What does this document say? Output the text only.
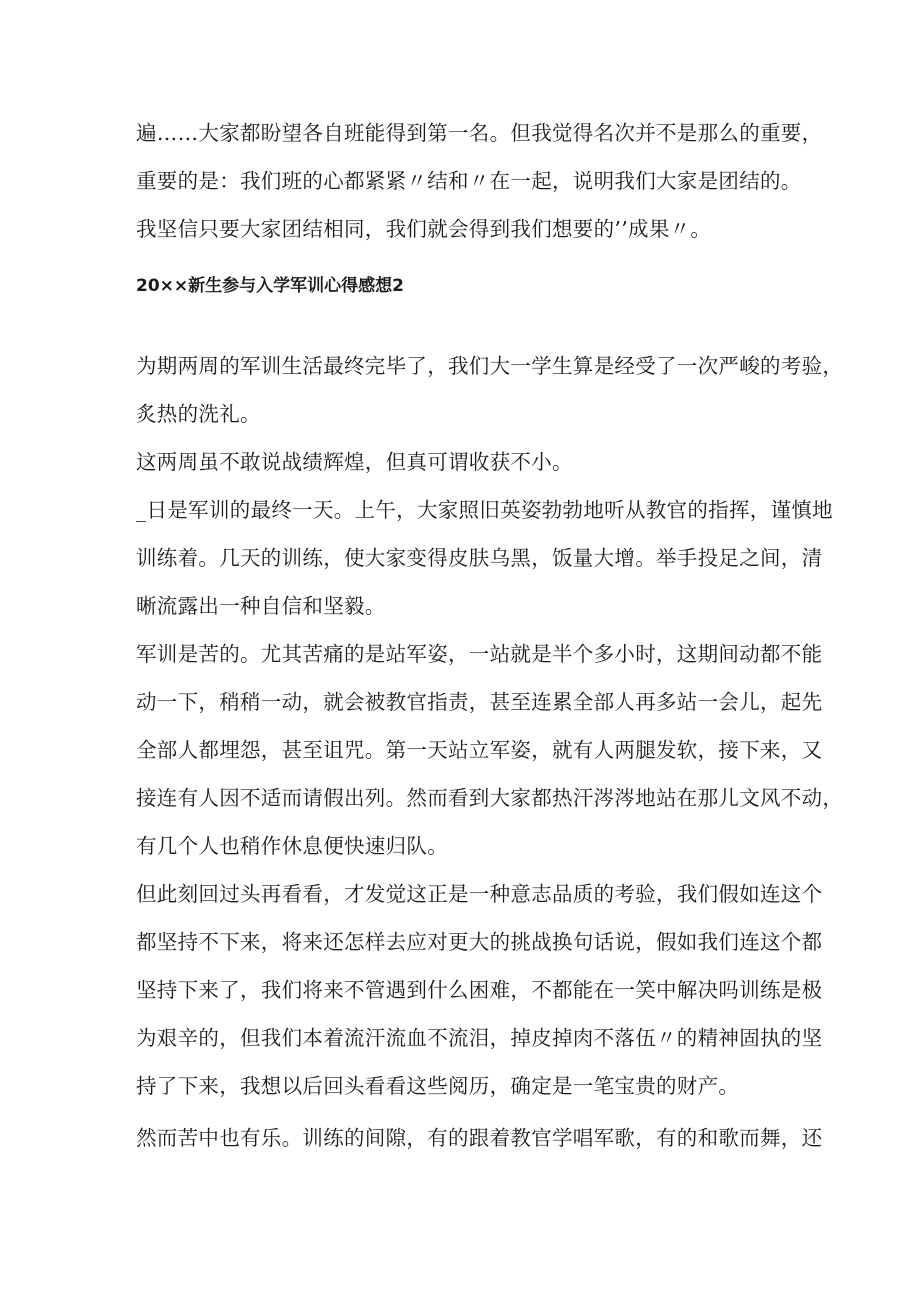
遍……大家都盼望各自班能得到第一名。但我觉得名次并不是那么的重要，
重要的是：我们班的心都紧紧〃结和〃在一起，说明我们大家是团结的。
我坚信只要大家团结相同，我们就会得到我们想要的’’成果〃。
20××新生参与入学军训心得感想2
为期两周的军训生活最终完毕了，我们大一学生算是经受了一次严峻的考验，
炙热的洗礼。
这两周虽不敢说战绩辉煌，但真可谓收获不小。
_日是军训的最终一天。上午，大家照旧英姿勃勃地听从教官的指挥，谨慎地
训练着。几天的训练，使大家变得皮肤乌黑，饭量大增。举手投足之间，清
晰流露出一种自信和坚毅。
军训是苦的。尤其苦痛的是站军姿，一站就是半个多小时，这期间动都不能
动一下，稍稍一动，就会被教官指责，甚至连累全部人再多站一会儿，起先
全部人都埋怨，甚至诅咒。第一天站立军姿，就有人两腿发软，接下来，又
接连有人因不适而请假出列。然而看到大家都热汗涔涔地站在那儿文风不动，
有几个人也稍作休息便快速归队。
但此刻回过头再看看，才发觉这正是一种意志品质的考验，我们假如连这个
都坚持不下来，将来还怎样去应对更大的挑战换句话说，假如我们连这个都
坚持下来了，我们将来不管遇到什么困难，不都能在一笑中解决吗训练是极
为艰辛的，但我们本着流汗流血不流泪，掉皮掉肉不落伍〃的精神固执的坚
持了下来，我想以后回头看看这些阅历，确定是一笔宝贵的财产。
然而苦中也有乐。训练的间隙，有的跟着教官学唱军歌，有的和歌而舞，还
